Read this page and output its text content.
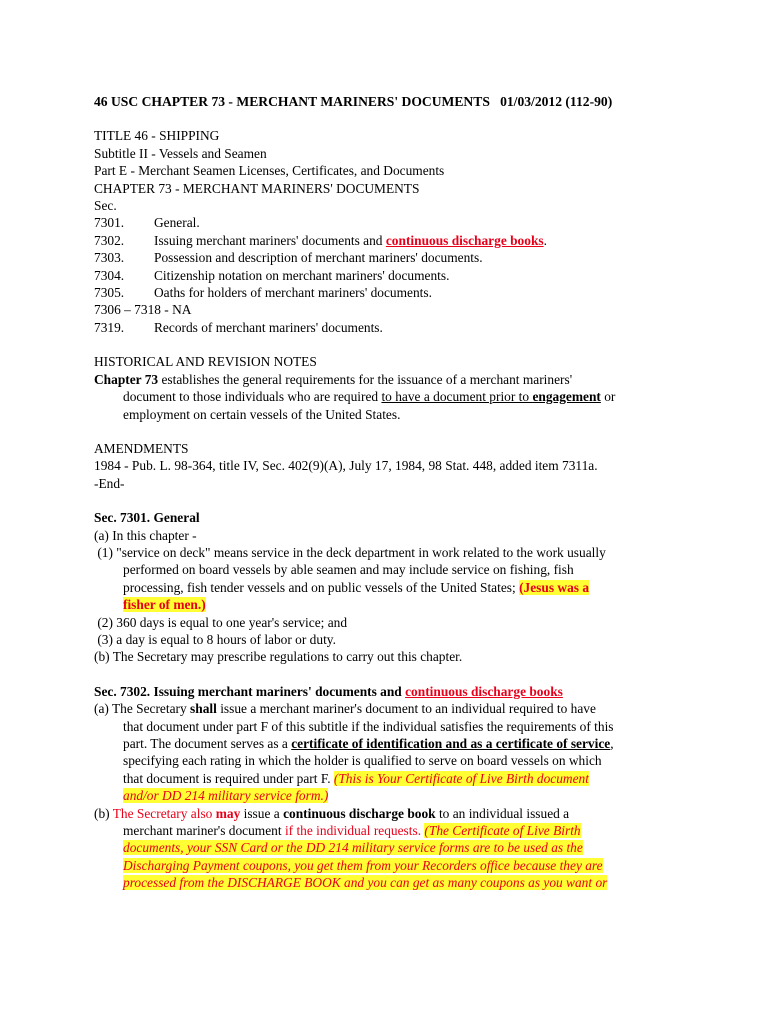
46 USC CHAPTER 73 - MERCHANT MARINERS' DOCUMENTS   01/03/2012 (112-90)
TITLE 46 - SHIPPING
Subtitle II - Vessels and Seamen
Part E - Merchant Seamen Licenses, Certificates, and Documents
CHAPTER 73 - MERCHANT MARINERS' DOCUMENTS
Sec.
7301.	General.
7302.	Issuing merchant mariners' documents and continuous discharge books .
7303.	Possession and description of merchant mariners' documents.
7304.	Citizenship notation on merchant mariners' documents.
7305.	Oaths for holders of merchant mariners' documents.
7306 – 7318 - NA
7319.	Records of merchant mariners' documents.
HISTORICAL AND REVISION NOTES
Chapter 73 establishes the general requirements for the issuance of a merchant mariners'
document to those individuals who are required to have a document prior to engagement or
employment on certain vessels of the United States.
AMENDMENTS
1984 - Pub. L. 98-364, title IV, Sec. 402(9)(A), July 17, 1984, 98 Stat. 448, added item 7311a.
-End-
Sec. 7301. General
(a) In this chapter -
(1) "service on deck" means service in the deck department in work related to the work usually
performed on board vessels by able seamen and may include service on fishing, fish
processing, fish tender vessels and on public vessels of the United States; (Jesus was a
fisher of men.)
(2) 360 days is equal to one year's service; and
(3) a day is equal to 8 hours of labor or duty.
(b) The Secretary may prescribe regulations to carry out this chapter.
Sec. 7302. Issuing merchant mariners' documents and continuous discharge books
(a) The Secretary shall issue a merchant mariner's document to an individual required to have
that document under part F of this subtitle if the individual satisfies the requirements of this
part. The document serves as a certificate of identification and as a certificate of service,
specifying each rating in which the holder is qualified to serve on board vessels on which
that document is required under part F. (This is Your Certificate of Live Birth document
and/or DD 214 military service form.)
(b) The Secretary also may issue a continuous discharge book to an individual issued a
merchant mariner's document if the individual requests. (The Certificate of Live Birth
documents, your SSN Card or the DD 214 military service forms are to be used as the
Discharging Payment coupons, you get them from your Recorders office because they are
processed from the DISCHARGE BOOK and you can get as many coupons as you want or
